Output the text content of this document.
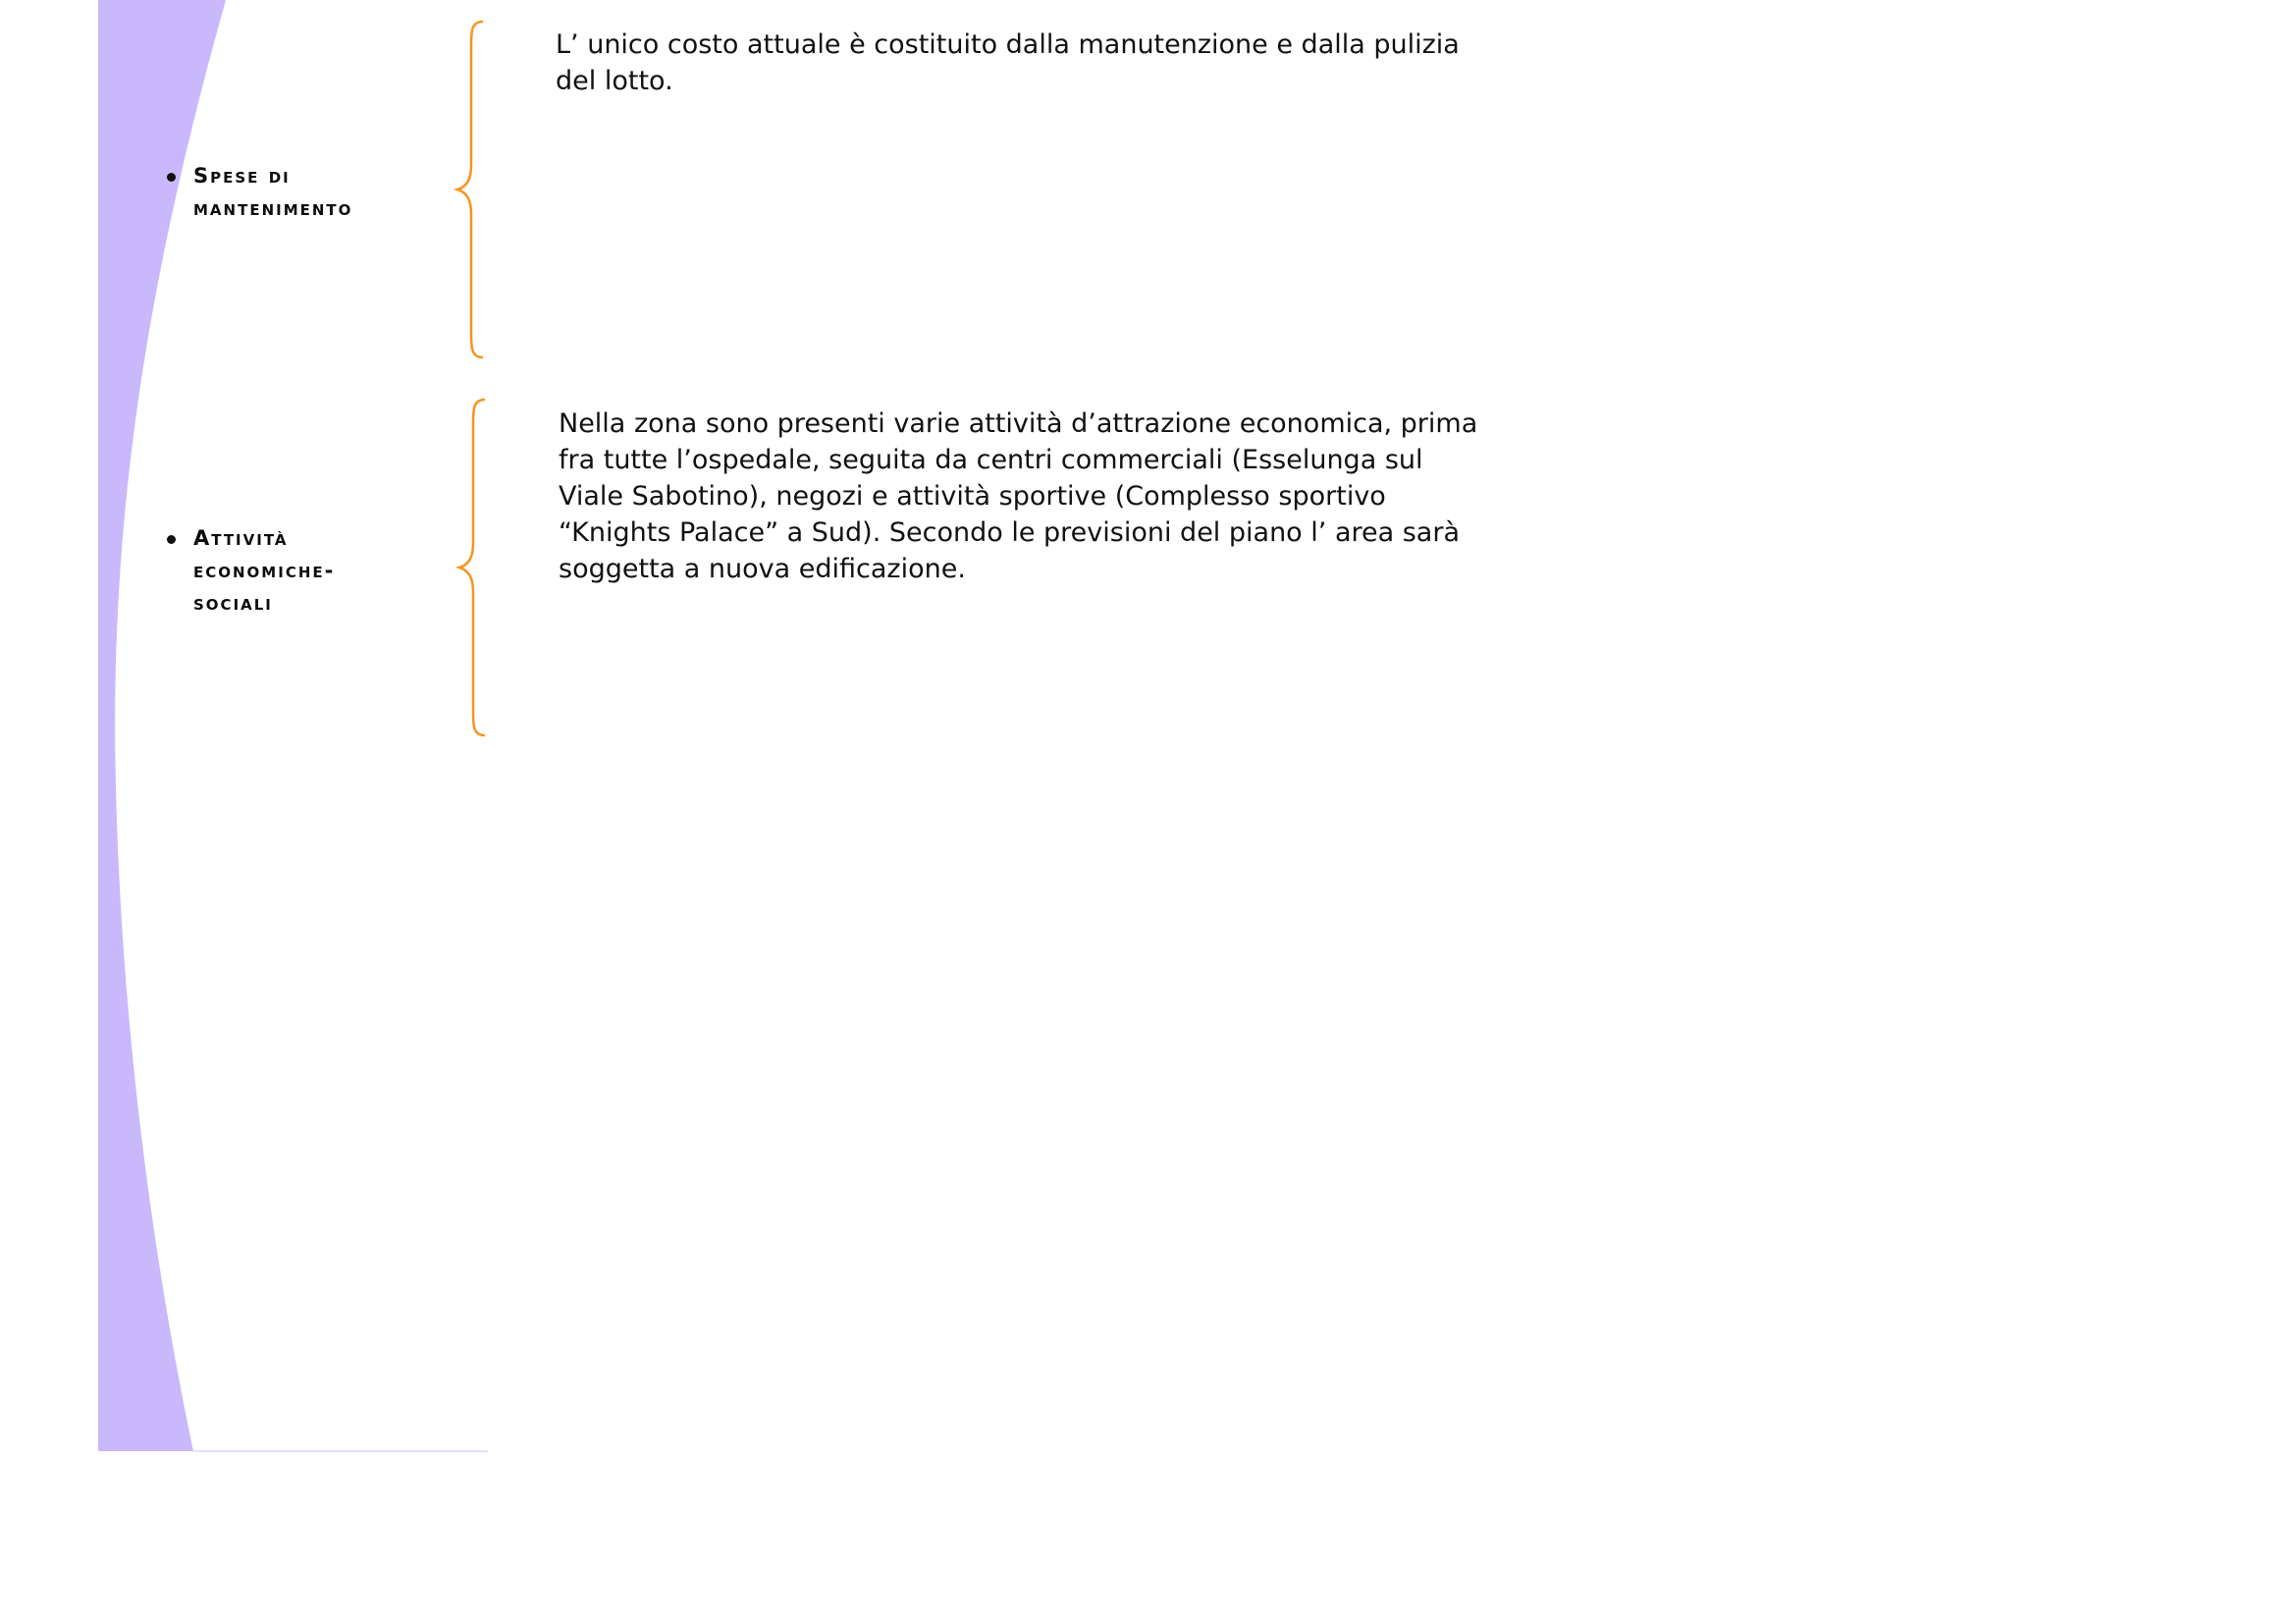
Spese di mantenimento
Attività economiche-sociali
L’ unico costo attuale è costituito dalla manutenzione e dalla pulizia del lotto.
Nella zona sono presenti varie attività d’attrazione economica, prima fra tutte l’ospedale, seguita da centri commerciali (Esselunga sul Viale Sabotino), negozi e attività sportive (Complesso sportivo “Knights Palace” a Sud). Secondo le previsioni del piano l’ area sarà soggetta a nuova edificazione.
